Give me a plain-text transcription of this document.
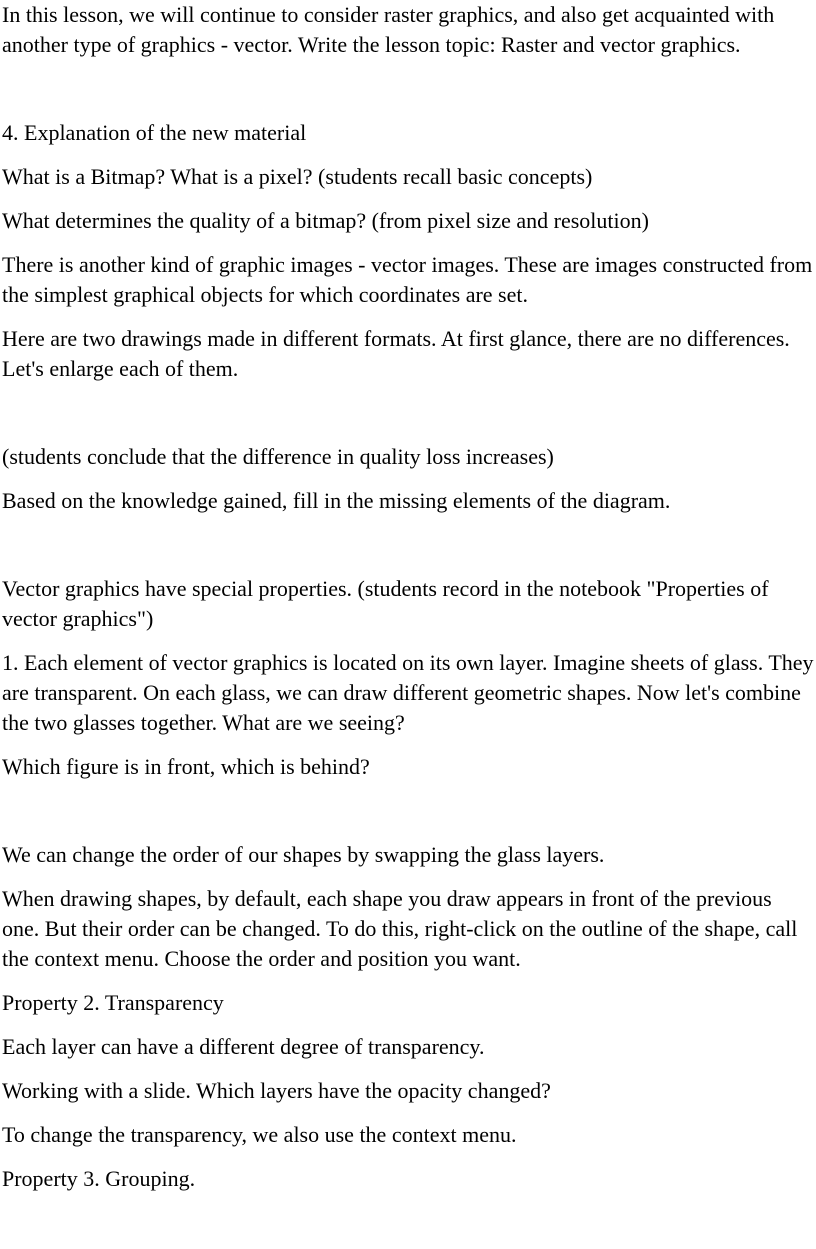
In this lesson, we will continue to consider raster graphics, and also get acquainted with another type of graphics - vector. Write the lesson topic: Raster and vector graphics.

4. Explanation of the new material

What is a Bitmap? What is a pixel? (students recall basic concepts)

What determines the quality of a bitmap? (from pixel size and resolution)

There is another kind of graphic images - vector images. These are images constructed from the simplest graphical objects for which coordinates are set.

Here are two drawings made in different formats. At first glance, there are no differences. Let's enlarge each of them.

(students conclude that the difference in quality loss increases)

Based on the knowledge gained, fill in the missing elements of the diagram.

Vector graphics have special properties. (students record in the notebook "Properties of vector graphics")

1. Each element of vector graphics is located on its own layer. Imagine sheets of glass. They are transparent. On each glass, we can draw different geometric shapes. Now let's combine the two glasses together. What are we seeing?

Which figure is in front, which is behind?

We can change the order of our shapes by swapping the glass layers.

When drawing shapes, by default, each shape you draw appears in front of the previous one. But their order can be changed. To do this, right-click on the outline of the shape, call the context menu. Choose the order and position you want.

Property 2. Transparency

Each layer can have a different degree of transparency.

Working with a slide. Which layers have the opacity changed?

To change the transparency, we also use the context menu.

Property 3. Grouping.
